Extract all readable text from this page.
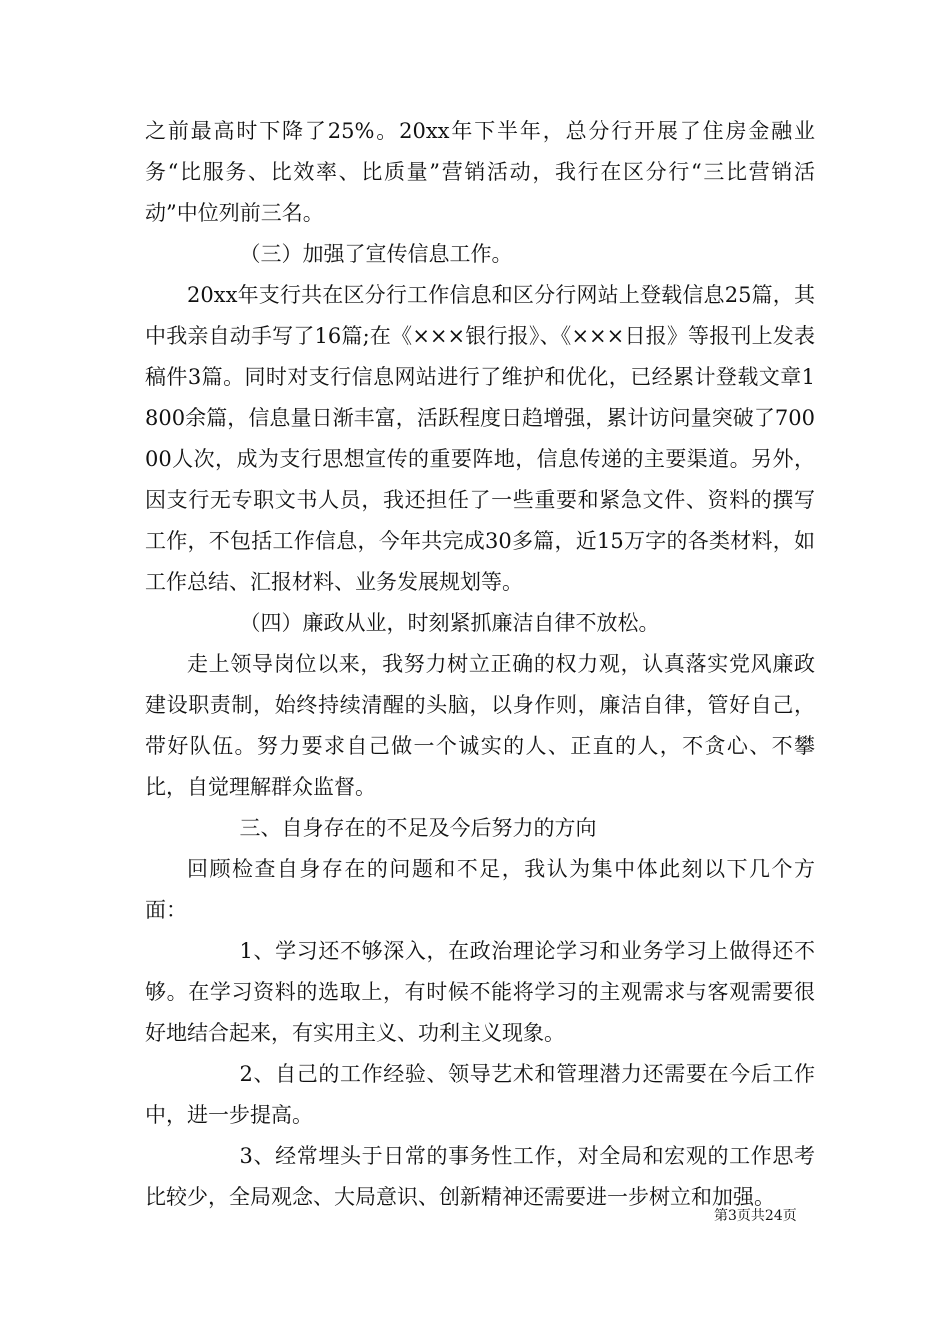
之前最高时下降了25%。20xx年下半年，总分行开展了住房金融业务“比服务、比效率、比质量”营销活动，我行在区分行“三比营销活动”中位列前三名。

（三）加强了宣传信息工作。

20xx年支行共在区分行工作信息和区分行网站上登载信息25篇，其中我亲自动手写了16篇;在《×××银行报》、《×××日报》等报刊上发表稿件3篇。同时对支行信息网站进行了维护和优化，已经累计登载文章1800余篇，信息量日渐丰富，活跃程度日趋增强，累计访问量突破了70000人次，成为支行思想宣传的重要阵地，信息传递的主要渠道。另外，因支行无专职文书人员，我还担任了一些重要和紧急文件、资料的撰写工作，不包括工作信息，今年共完成30多篇，近15万字的各类材料，如工作总结、汇报材料、业务发展规划等。

（四）廉政从业，时刻紧抓廉洁自律不放松。

走上领导岗位以来，我努力树立正确的权力观，认真落实党风廉政建设职责制，始终持续清醒的头脑，以身作则，廉洁自律，管好自己，带好队伍。努力要求自己做一个诚实的人、正直的人，不贪心、不攀比，自觉理解群众监督。

三、自身存在的不足及今后努力的方向

回顾检查自身存在的问题和不足，我认为集中体此刻以下几个方面：

1、学习还不够深入，在政治理论学习和业务学习上做得还不够。在学习资料的选取上，有时候不能将学习的主观需求与客观需要很好地结合起来，有实用主义、功利主义现象。

2、自己的工作经验、领导艺术和管理潜力还需要在今后工作中，进一步提高。

3、经常埋头于日常的事务性工作，对全局和宏观的工作思考比较少，全局观念、大局意识、创新精神还需要进一步树立和加强。

第3页共24页
